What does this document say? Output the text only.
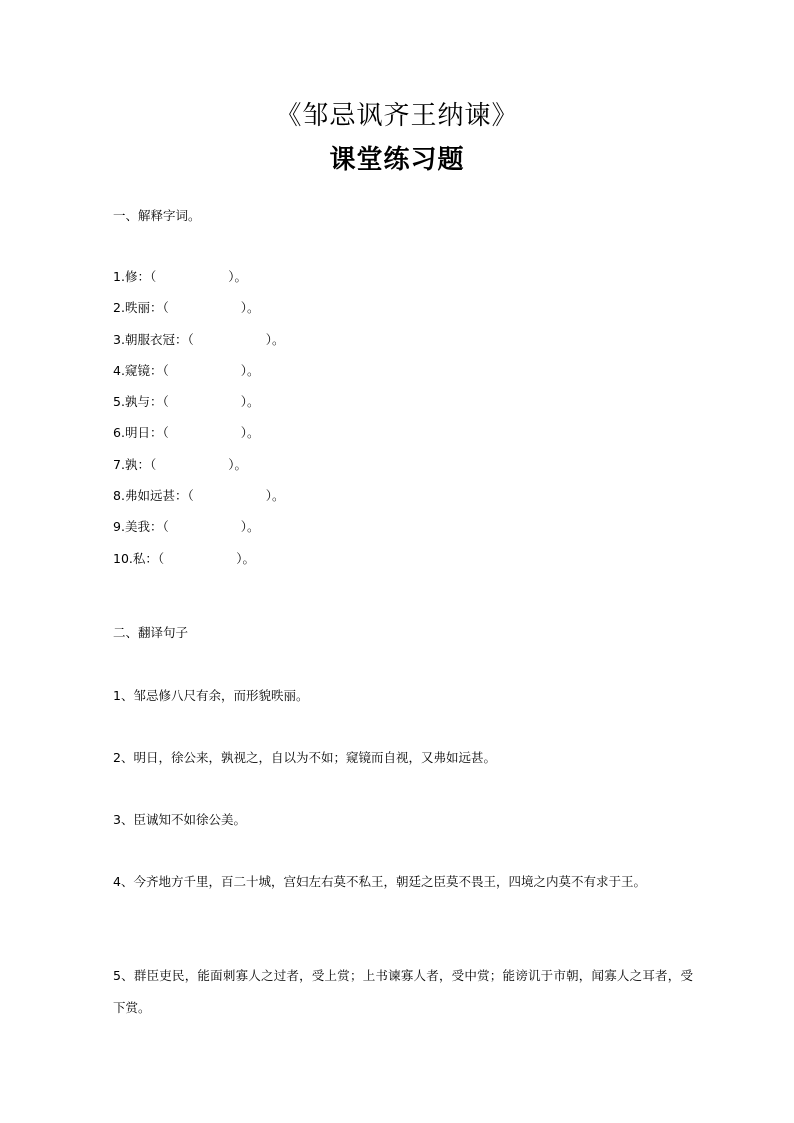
《邹忌讽齐王纳谏》
课堂练习题
一、解释字词。
1.修：（	）。
2.昳丽：（	）。
3.朝服衣冠：（	）。
4.窥镜：（	）。
5.孰与：（	）。
6.明日：（	）。
7.孰：（	）。
8.弗如远甚：（	）。
9.美我：（	）。
10.私：（	）。
二、翻译句子
1、邹忌修八尺有余，而形貌昳丽。
2、明日，徐公来，孰视之，自以为不如；窥镜而自视，又弗如远甚。
3、臣诚知不如徐公美。
4、今齐地方千里，百二十城，宫妇左右莫不私王，朝廷之臣莫不畏王，四境之内莫不有求于王。
5、群臣吏民，能面刺寡人之过者，受上赏；上书谏寡人者，受中赏；能谤讥于市朝，闻寡人之耳者，受下赏。
